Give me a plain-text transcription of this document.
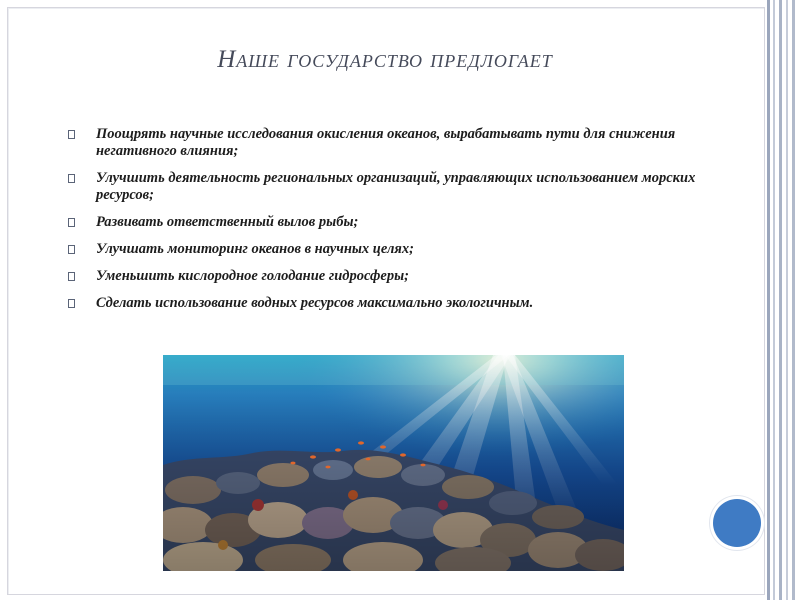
Наше государство предлогает
Поощрять научные исследования окисления океанов, вырабатывать пути для снижения негативного влияния;
Улучшить деятельность региональных организаций, управляющих использованием морских ресурсов;
Развивать ответственный вылов рыбы;
Улучшать мониторинг океанов в научных целях;
Уменьшить кислородное голодание гидросферы;
Сделать использование водных ресурсов максимально экологичным.
